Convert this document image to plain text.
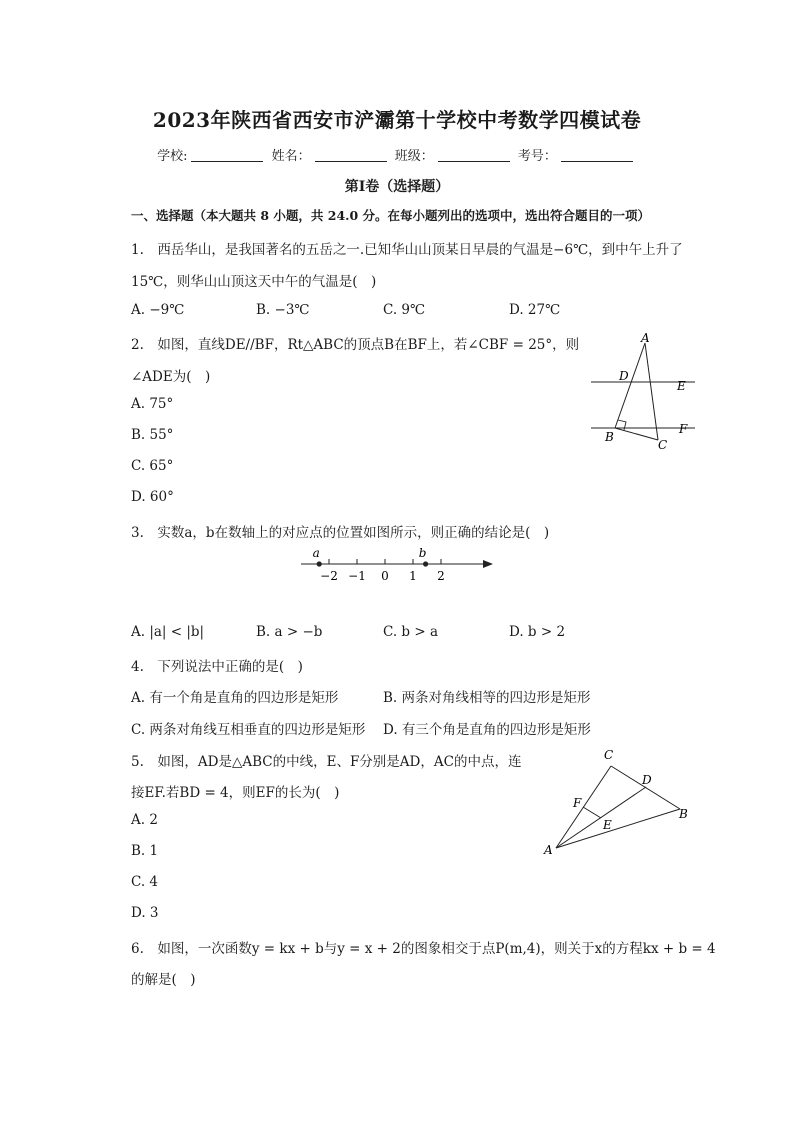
2023年陕西省西安市浐灞第十学校中考数学四模试卷
学校:	姓名：	班级：	考号：
第Ⅰ卷（选择题）
一、选择题（本大题共 8 小题，共 24.0 分。在每小题列出的选项中，选出符合题目的一项）
1.　西岳华山，是我国著名的五岳之一.已知华山山顶某日早晨的气温是−6℃，到中午上升了
15℃，则华山山顶这天中午的气温是(　)
A. −9℃	B. −3℃	C. 9℃	D. 27℃
2.　如图，直线DE//BF，Rt△ABC的顶点B在BF上，若∠CBF = 25°，则
∠ADE为(　)
A. 75°
B. 55°
C. 65°
D. 60°
A
D
E
B
C
F
3.　实数a，b在数轴上的对应点的位置如图所示，则正确的结论是(　)
−2 −1 0 1 2
a	b
A. |a| < |b|	B. a > −b	C. b > a	D. b > 2
4.　下列说法中正确的是(　)
A. 有一个角是直角的四边形是矩形	B. 两条对角线相等的四边形是矩形
C. 两条对角线互相垂直的四边形是矩形 D. 有三个角是直角的四边形是矩形
5.　如图，AD是△ABC的中线，E、F分别是AD，AC的中点，连
接EF.若BD = 4，则EF的长为(　)
A. 2
B. 1
C. 4
D. 3
C
D
F
E
B
A
6.　如图，一次函数y = kx + b与y = x + 2的图象相交于点P(m,4)，则关于x的方程kx + b = 4
的解是(　)
